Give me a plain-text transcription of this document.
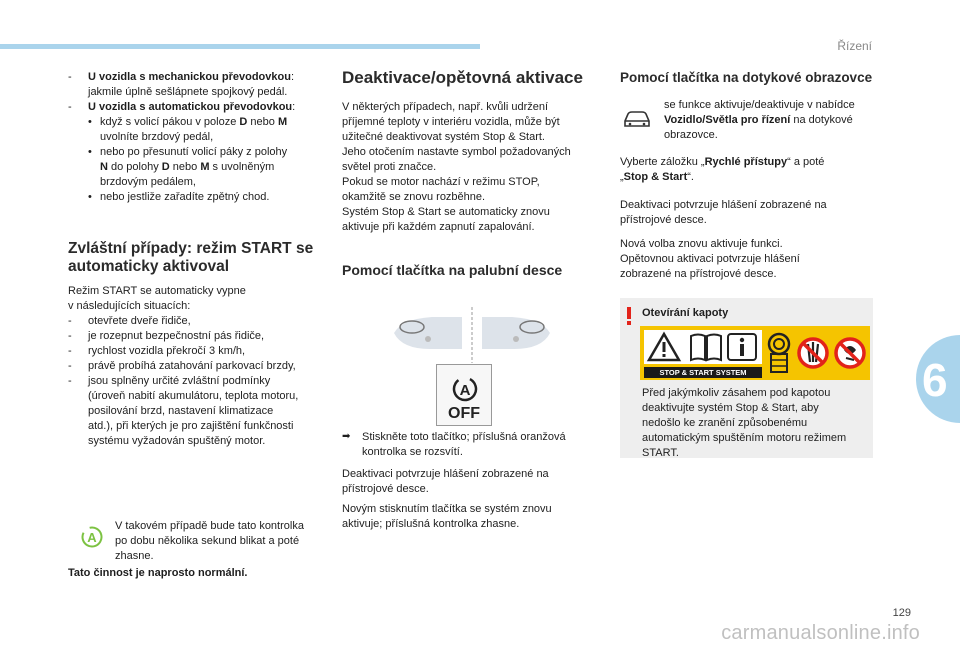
Řízení
-	U vozidla s mechanickou převodovkou:
jakmile úplně sešlápnete spojkový pedál.
-	U vozidla s automatickou převodovkou:
• když s volicí pákou v poloze D nebo M
uvolníte brzdový pedál,
• nebo po přesunutí volicí páky z polohy
N do polohy D nebo M s uvolněným
brzdovým pedálem,
• nebo jestliže zařadíte zpětný chod.
Zvláštní případy: režim START se
automaticky aktivoval

Režim START se automaticky vypne

v následujících situacích:

-	otevřete dveře řidiče,
-	je rozepnut bezpečnostní pás řidiče,
-	rychlost vozidla překročí 3 km/h,
-	právě probíhá zatahování parkovací brzdy,
-	jsou splněny určité zvláštní podmínky
(úroveň nabití akumulátoru, teplota motoru,
posilování brzd, nastavení klimatizace
atd.), při kterých je pro zajištění funkčnosti
systému vyžadován spuštěný motor.
A

V takovém případě bude tato kontrolka

po dobu několika sekund blikat a poté

zhasne.

Tato činnost je naprosto normální.
Deaktivace/opětovná aktivace

V některých případech, např. kvůli udržení

příjemné teploty v interiéru vozidla, může být

užitečné deaktivovat systém Stop & Start.

Jeho otočením nastavte symbol požadovaných

světel proti značce.

Pokud se motor nachází v režimu STOP,

okamžitě se znovu rozběhne.

Systém Stop & Start se automaticky znovu

aktivuje při každém zapnutí zapalování.

Pomocí tlačítka na palubní desce
A
OFF
➡	Stiskněte toto tlačítko; příslušná oranžová
kontrolka se rozsvítí.

Deaktivaci potvrzuje hlášení zobrazené na

přístrojové desce.

Novým stisknutím tlačítka se systém znovu

aktivuje; příslušná kontrolka zhasne.

Pomocí tlačítka na dotykové obrazovce

se funkce aktivuje/deaktivuje v nabídce

Vozidlo/Světla pro řízení na dotykové

obrazovce.

Vyberte záložku „Rychlé přístupy“ a poté

„Stop & Start“.

Deaktivaci potvrzuje hlášení zobrazené na

přístrojové desce.

Nová volba znovu aktivuje funkci.

Opětovnou aktivaci potvrzuje hlášení

zobrazené na přístrojové desce.

Otevírání kapoty
STOP & START SYSTEM

Před jakýmkoliv zásahem pod kapotou

deaktivujte systém Stop & Start, aby

nedošlo ke zranění způsobenému

automatickým spuštěním motoru režimem

START.

6
129
carmanualsonline.info
